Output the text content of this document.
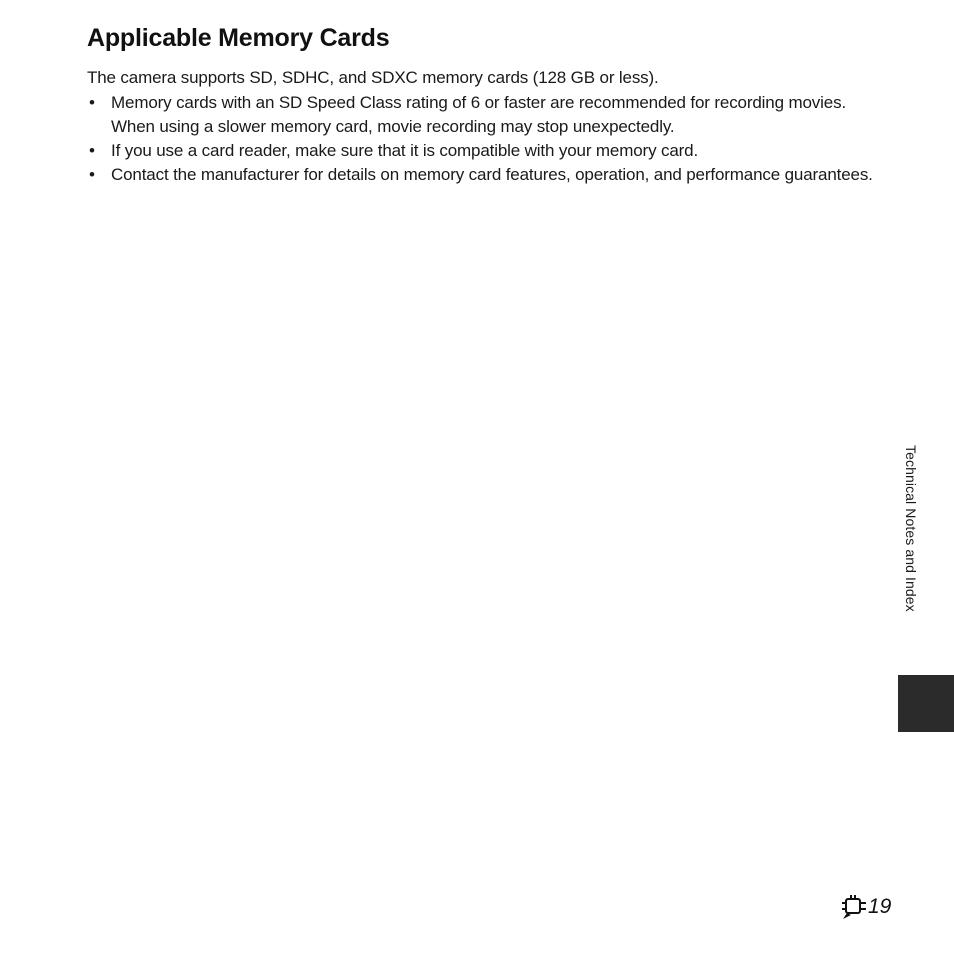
Applicable Memory Cards

The camera supports SD, SDHC, and SDXC memory cards (128 GB or less).

• Memory cards with an SD Speed Class rating of 6 or faster are recommended for recording movies. When using a slower memory card, movie recording may stop unexpectedly.
• If you use a card reader, make sure that it is compatible with your memory card.
• Contact the manufacturer for details on memory card features, operation, and performance guarantees.
Technical Notes and Index
19
